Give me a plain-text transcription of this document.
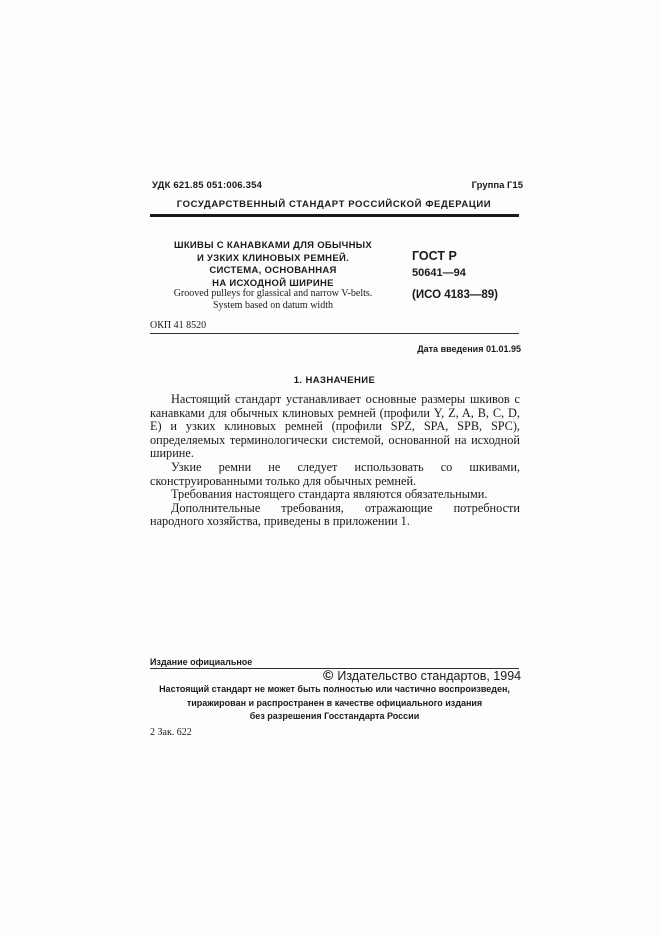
УДК 621.85 051:006.354	Группа Г15
ГОСУДАРСТВЕННЫЙ СТАНДАРТ РОССИЙСКОЙ ФЕДЕРАЦИИ
ШКИВЫ С КАНАВКАМИ ДЛЯ ОБЫЧНЫХ
И УЗКИХ КЛИНОВЫХ РЕМНЕЙ.
СИСТЕМА, ОСНОВАННАЯ
НА ИСХОДНОЙ ШИРИНЕ
Grooved pulleys for glassical and narrow V-belts.
System based on datum width
ГОСТ Р
50641—94
(ИСО 4183—89)
ОКП 41 8520
Дата введения 01.01.95
1. НАЗНАЧЕНИЕ

Настоящий стандарт устанавливает основные размеры шкивов с канавками для обычных клиновых ремней (профили Y, Z, A, B, C, D, E) и узких клиновых ремней (профили SPZ, SPA, SPB, SPC), определяемых терминологически системой, основанной на исходной ширине.

Узкие ремни не следует использовать со шкивами, сконструированными только для обычных ремней.

Требования настоящего стандарта являются обязательными.

Дополнительные требования, отражающие потребности народного хозяйства, приведены в приложении 1.

Издание официальное
© Издательство стандартов, 1994
Настоящий стандарт не может быть полностью или частично воспроизведен,
тиражирован и распространен в качестве официального издания
без разрешения Госстандарта России
2 Зак. 622
